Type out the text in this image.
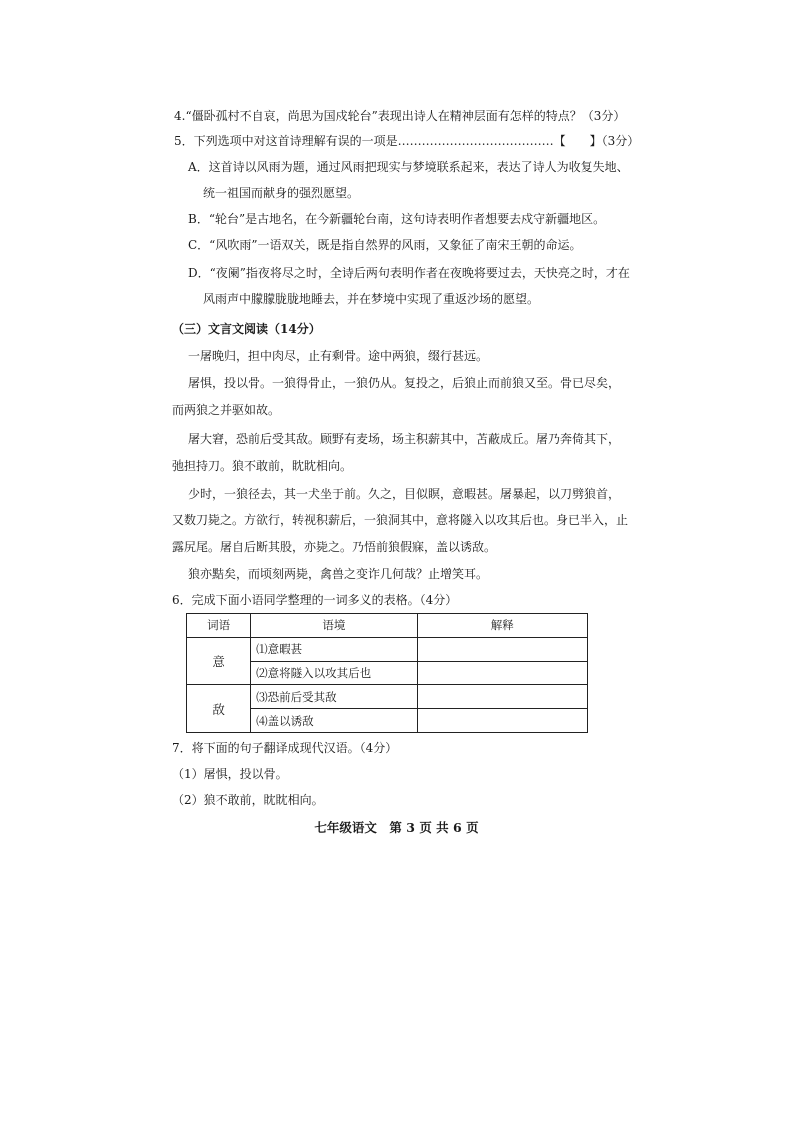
4.“僵卧孤村不自哀，尚思为国戍轮台”表现出诗人在精神层面有怎样的特点？（3分）
5．下列选项中对这首诗理解有误的一项是…………………………………【　　】（3分）
A．这首诗以风雨为题，通过风雨把现实与梦境联系起来，表达了诗人为收复失地、
统一祖国而献身的强烈愿望。
B．“轮台”是古地名，在今新疆轮台南，这句诗表明作者想要去戍守新疆地区。
C．“风吹雨”一语双关，既是指自然界的风雨，又象征了南宋王朝的命运。
D．“夜阑”指夜将尽之时，全诗后两句表明作者在夜晚将要过去，天快亮之时，才在
风雨声中朦朦胧胧地睡去，并在梦境中实现了重返沙场的愿望。
（三）文言文阅读（14分）
一屠晚归，担中肉尽，止有剩骨。途中两狼，缀行甚远。
屠惧，投以骨。一狼得骨止，一狼仍从。复投之，后狼止而前狼又至。骨已尽矣，
而两狼之并驱如故。
屠大窘，恐前后受其敌。顾野有麦场，场主积薪其中，苫蔽成丘。屠乃奔倚其下，
弛担持刀。狼不敢前，眈眈相向。
少时，一狼径去，其一犬坐于前。久之，目似瞑，意暇甚。屠暴起，以刀劈狼首，
又数刀毙之。方欲行，转视积薪后，一狼洞其中，意将隧入以攻其后也。身已半入，止
露尻尾。屠自后断其股，亦毙之。乃悟前狼假寐，盖以诱敌。
狼亦黠矣，而顷刻两毙，禽兽之变诈几何哉？止增笑耳。
6．完成下面小语同学整理的一词多义的表格。（4分）
词语	语境	解释
意	⑴意暇甚	
	⑵意将隧入以攻其后也	
敌	⑶恐前后受其敌	
	⑷盖以诱敌	
7．将下面的句子翻译成现代汉语。（4分）
（1）屠惧，投以骨。
（2）狼不敢前，眈眈相向。
七年级语文　第 3 页 共 6 页
